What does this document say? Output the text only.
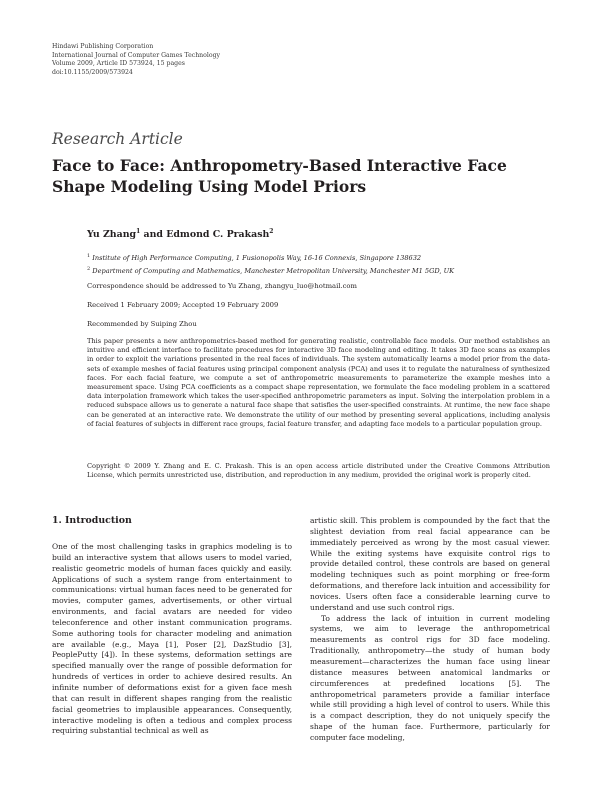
Hindawi Publishing Corporation
International Journal of Computer Games Technology
Volume 2009, Article ID 573924, 15 pages
doi:10.1155/2009/573924
Research Article
Face to Face: Anthropometry-Based Interactive Face Shape Modeling Using Model Priors
Yu Zhang$^1$ and Edmond C. Prakash$^2$
$^1$ Institute of High Performance Computing, 1 Fusionopolis Way, 16-16 Connexis, Singapore 138632
$^2$ Department of Computing and Mathematics, Manchester Metropolitan University, Manchester M1 5GD, UK
Correspondence should be addressed to Yu Zhang, zhangyu_luo@hotmail.com
Received 1 February 2009; Accepted 19 February 2009
Recommended by Suiping Zhou
This paper presents a new anthropometrics-based method for generating realistic, controllable face models. Our method establishes an intuitive and efficient interface to facilitate procedures for interactive 3D face modeling and editing. It takes 3D face scans as examples in order to exploit the variations presented in the real faces of individuals. The system automatically learns a model prior from the data-sets of example meshes of facial features using principal component analysis (PCA) and uses it to regulate the naturalness of synthesized faces. For each facial feature, we compute a set of anthropometric measurements to parameterize the example meshes into a measurement space. Using PCA coefficients as a compact shape representation, we formulate the face modeling problem in a scattered data interpolation framework which takes the user-specified anthropometric parameters as input. Solving the interpolation problem in a reduced subspace allows us to generate a natural face shape that satisfies the user-specified constraints. At runtime, the new face shape can be generated at an interactive rate. We demonstrate the utility of our method by presenting several applications, including analysis of facial features of subjects in different race groups, facial feature transfer, and adapting face models to a particular population group.
Copyright © 2009 Y. Zhang and E. C. Prakash. This is an open access article distributed under the Creative Commons Attribution License, which permits unrestricted use, distribution, and reproduction in any medium, provided the original work is properly cited.
1. Introduction

One of the most challenging tasks in graphics modeling is to build an interactive system that allows users to model varied, realistic geometric models of human faces quickly and easily. Applications of such a system range from entertainment to communications: virtual human faces need to be generated for movies, computer games, advertisements, or other virtual environments, and facial avatars are needed for video teleconference and other instant communication programs. Some authoring tools for character modeling and animation are available (e.g., Maya [1], Poser [2], DazStudio [3], PeoplePutty [4]). In these systems, deformation settings are specified manually over the range of possible deformation for hundreds of vertices in order to achieve desired results. An infinite number of deformations exist for a given face mesh that can result in different shapes ranging from the realistic facial geometries to implausible appearances. Consequently, interactive modeling is often a tedious and complex process requiring substantial technical as well as

artistic skill. This problem is compounded by the fact that the slightest deviation from real facial appearance can be immediately perceived as wrong by the most casual viewer. While the exiting systems have exquisite control rigs to provide detailed control, these controls are based on general modeling techniques such as point morphing or free-form deformations, and therefore lack intuition and accessibility for novices. Users often face a considerable learning curve to understand and use such control rigs.

To address the lack of intuition in current modeling systems, we aim to leverage the anthropometrical measurements as control rigs for 3D face modeling. Traditionally, anthropometry—the study of human body measurement—characterizes the human face using linear distance measures between anatomical landmarks or circumferences at predefined locations [5]. The anthropometrical parameters provide a familiar interface while still providing a high level of control to users. While this is a compact description, they do not uniquely specify the shape of the human face. Furthermore, particularly for computer face modeling,
